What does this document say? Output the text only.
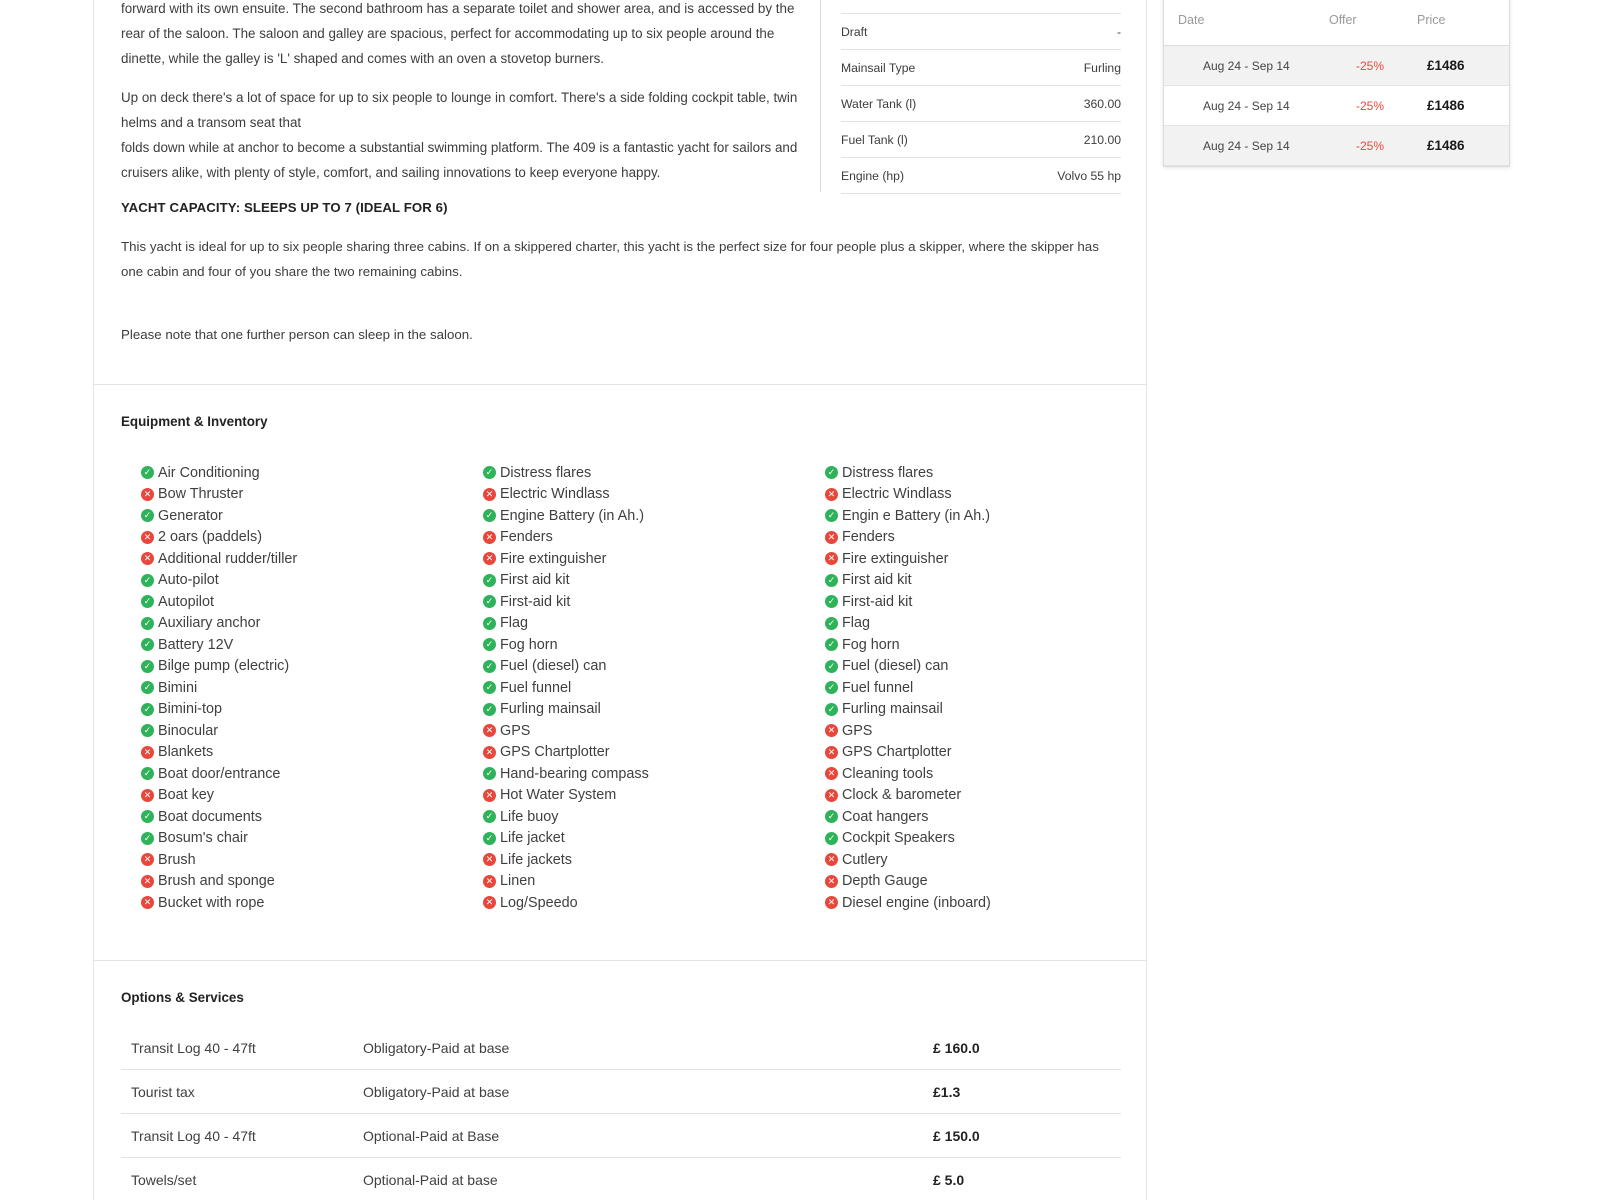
forward with its own ensuite. The second bathroom has a separate toilet and shower area, and is accessed by the rear of the saloon. The saloon and galley are spacious, perfect for accommodating up to six people around the dinette, while the galley is 'L' shaped and comes with an oven a stovetop burners.

Up on deck there's a lot of space for up to six people to lounge in comfort. There's a side folding cockpit table, twin helms and a transom seat that

folds down while at anchor to become a substantial swimming platform. The 409 is a fantastic yacht for sailors and cruisers alike, with plenty of style, comfort, and sailing innovations to keep everyone happy.

Draft	-
Mainsail Type	Furling
Water Tank (l)	360.00
Fuel Tank (l)	210.00
Engine (hp)	Volvo 55 hp
YACHT CAPACITY: SLEEPS UP TO 7 (IDEAL FOR 6)
This yacht is ideal for up to six people sharing three cabins. If on a skippered charter, this yacht is the perfect size for four people plus a skipper, where the skipper has one cabin and four of you share the two remaining cabins.
Please note that one further person can sleep in the saloon.
Equipment & Inventory
✓ Air Conditioning
✕ Bow Thruster
✓ Generator
✕ 2 oars (paddels)
✕ Additional rudder/tiller
✓ Auto-pilot
✓ Autopilot
✓ Auxiliary anchor
✓ Battery 12V
✓ Bilge pump (electric)
✓ Bimini
✓ Bimini-top
✓ Binocular
✕ Blankets
✓ Boat door/entrance
✕ Boat key
✓ Boat documents
✓ Bosum's chair
✕ Brush
✕ Brush and sponge
✕ Bucket with rope
✓ Distress flares
✕ Electric Windlass
✓ Engine Battery (in Ah.)
✕ Fenders
✕ Fire extinguisher
✓ First aid kit
✓ First-aid kit
✓ Flag
✓ Fog horn
✓ Fuel (diesel) can
✓ Fuel funnel
✓ Furling mainsail
✕ GPS
✕ GPS Chartplotter
✓ Hand-bearing compass
✕ Hot Water System
✓ Life buoy
✓ Life jacket
✕ Life jackets
✕ Linen
✕ Log/Speedo
✓ Distress flares
✕ Electric Windlass
✓ Engin e Battery (in Ah.)
✕ Fenders
✕ Fire extinguisher
✓ First aid kit
✓ First-aid kit
✓ Flag
✓ Fog horn
✓ Fuel (diesel) can
✓ Fuel funnel
✓ Furling mainsail
✕ GPS
✕ GPS Chartplotter
✕ Cleaning tools
✕ Clock & barometer
✓ Coat hangers
✓ Cockpit Speakers
✕ Cutlery
✕ Depth Gauge
✕ Diesel engine (inboard)
Options & Services
Transit Log 40 - 47ft	Obligatory-Paid at base	£ 160.0
Tourist tax	Obligatory-Paid at base	£1.3
Transit Log 40 - 47ft	Optional-Paid at Base	£ 150.0
Towels/set	Optional-Paid at base	£ 5.0
Date	Offer	Price
Aug 24 - Sep 14	-25%	£1486
Aug 24 - Sep 14	-25%	£1486
Aug 24 - Sep 14	-25%	£1486
